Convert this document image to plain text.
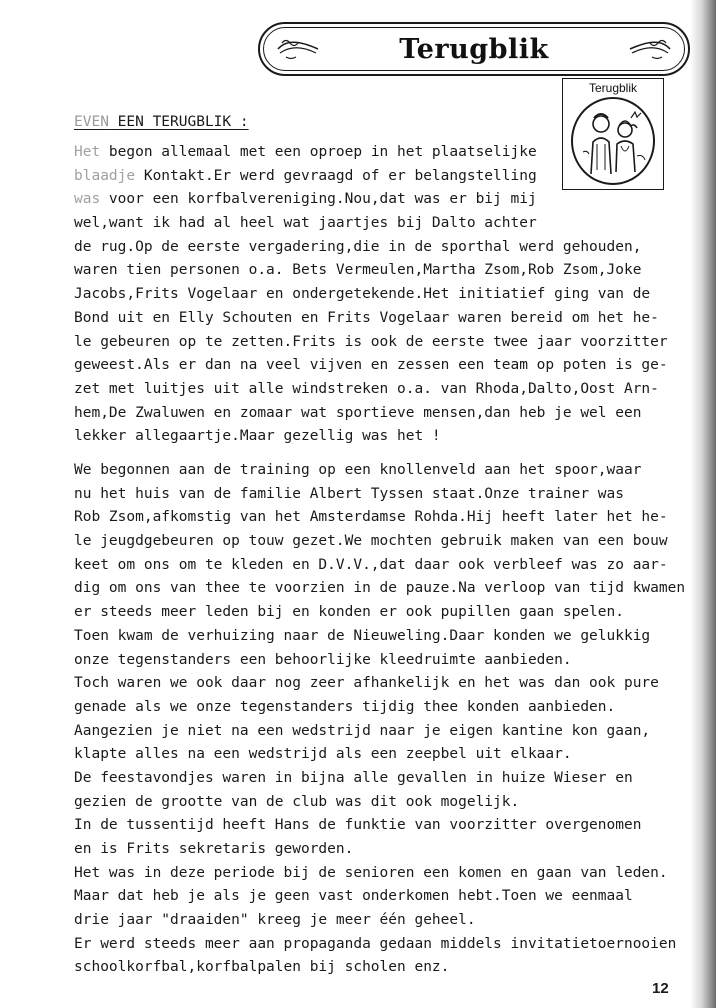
Terugblik
Terugblik
EVEN EEN TERUGBLIK :
Het begon allemaal met een oproep in het plaatselijke
blaadje Kontakt.Er werd gevraagd of er belangstelling
was voor een korfbalvereniging.Nou,dat was er bij mij
wel,want ik had al heel wat jaartjes bij Dalto achter
de rug.Op de eerste vergadering,die in de sporthal werd gehouden,
waren tien personen o.a. Bets Vermeulen,Martha Zsom,Rob Zsom,Joke
Jacobs,Frits Vogelaar en ondergetekende.Het initiatief ging van de
Bond uit en Elly Schouten en Frits Vogelaar waren bereid om het he-
le gebeuren op te zetten.Frits is ook de eerste twee jaar voorzitter
geweest.Als er dan na veel vijven en zessen een team op poten is ge-
zet met luitjes uit alle windstreken o.a. van Rhoda,Dalto,Oost Arn-
hem,De Zwaluwen en zomaar wat sportieve mensen,dan heb je wel een
lekker allegaartje.Maar gezellig was het !
We begonnen aan de training op een knollenveld aan het spoor,waar
nu het huis van de familie Albert Tyssen staat.Onze trainer was
Rob Zsom,afkomstig van het Amsterdamse Rohda.Hij heeft later het he-
le jeugdgebeuren op touw gezet.We mochten gebruik maken van een bouw
keet om ons om te kleden en D.V.V.,dat daar ook verbleef was zo aar-
dig om ons van thee te voorzien in de pauze.Na verloop van tijd kwamen
er steeds meer leden bij en konden er ook pupillen gaan spelen.
Toen kwam de verhuizing naar de Nieuweling.Daar konden we gelukkig
onze tegenstanders een behoorlijke kleedruimte aanbieden.
Toch waren we ook daar nog zeer afhankelijk en het was dan ook pure
genade als we onze tegenstanders tijdig thee konden aanbieden.
Aangezien je niet na een wedstrijd naar je eigen kantine kon gaan,
klapte alles na een wedstrijd als een zeepbel uit elkaar.
De feestavondjes waren in bijna alle gevallen in huize Wieser en
gezien de grootte van de club was dit ook mogelijk.
In de tussentijd heeft Hans de funktie van voorzitter overgenomen
en is Frits sekretaris geworden.
Het was in deze periode bij de senioren een komen en gaan van leden.
Maar dat heb je als je geen vast onderkomen hebt.Toen we eenmaal
drie jaar "draaiden" kreeg je meer één geheel.
Er werd steeds meer aan propaganda gedaan middels invitatietoernooien
schoolkorfbal,korfbalpalen bij scholen enz.
12
